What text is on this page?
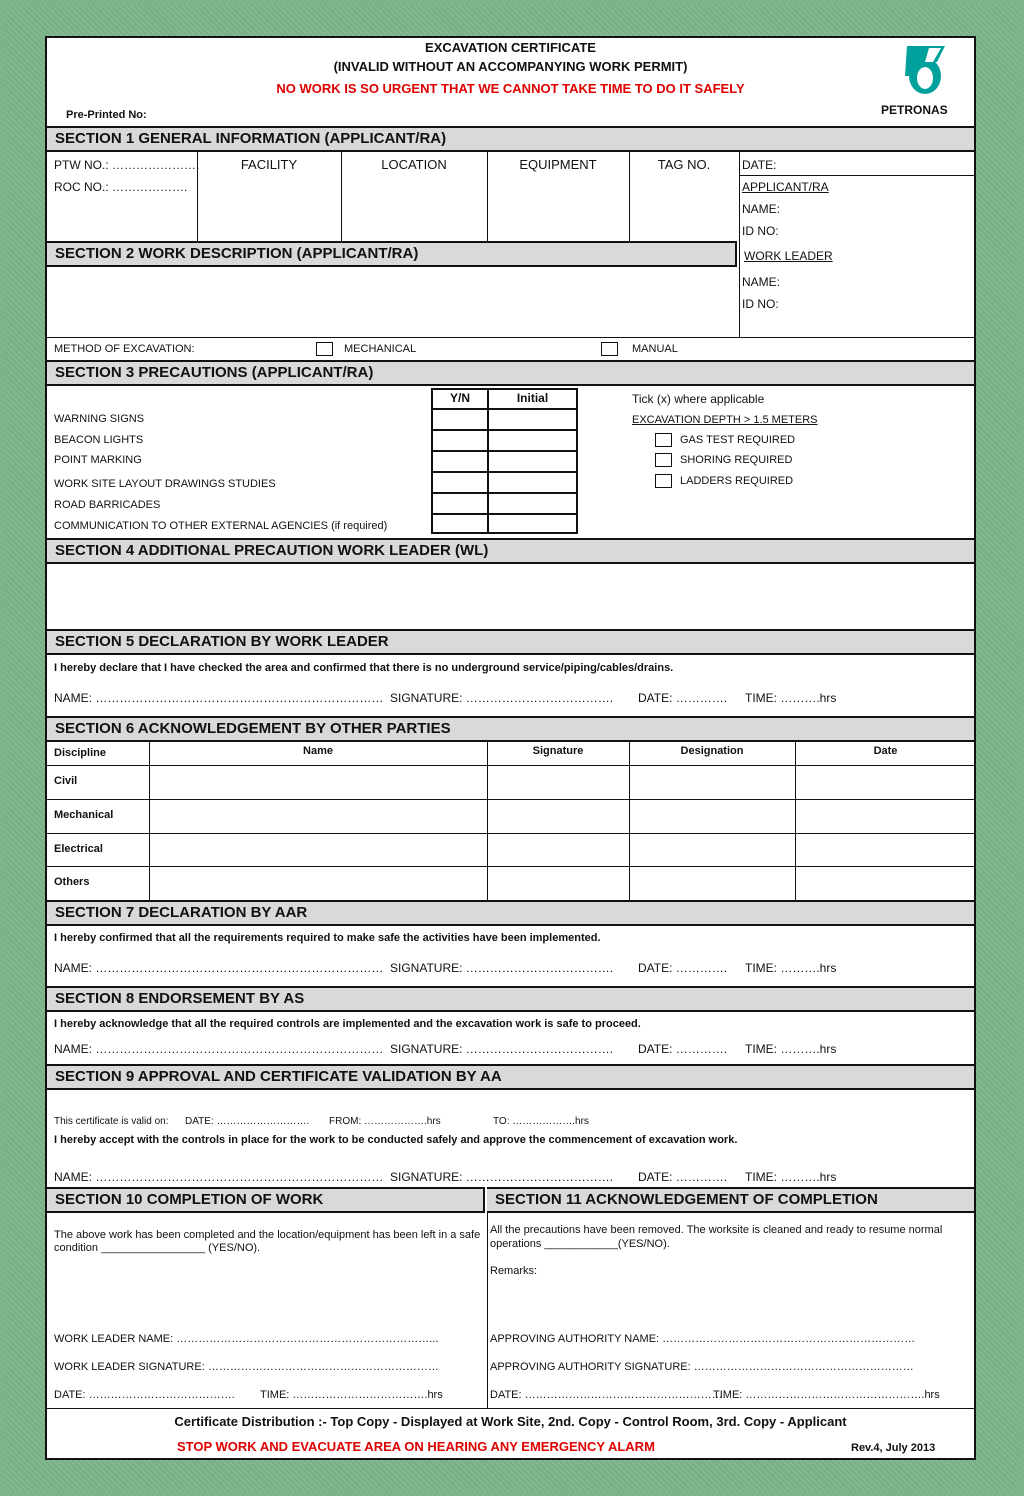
EXCAVATION CERTIFICATE
(INVALID WITHOUT AN ACCOMPANYING WORK PERMIT)
NO WORK IS SO URGENT THAT WE CANNOT TAKE TIME TO DO IT SAFELY
Pre-Printed No:	PETRONAS
SECTION 1 GENERAL INFORMATION (APPLICANT/RA)
PTW NO.: ………………….
ROC NO.: ……………….
FACILITY	LOCATION	EQUIPMENT	TAG NO.	DATE:
APPLICANT/RA
NAME:
ID NO:
WORK LEADER
NAME:
ID NO:
SECTION 2 WORK DESCRIPTION (APPLICANT/RA)
METHOD OF EXCAVATION:	MECHANICAL	MANUAL
SECTION 3 PRECAUTIONS (APPLICANT/RA)
Y/N	Initial
WARNING SIGNS
BEACON LIGHTS
POINT MARKING
WORK SITE LAYOUT DRAWINGS STUDIES
ROAD BARRICADES
COMMUNICATION TO OTHER EXTERNAL AGENCIES (if required)
Tick (x) where applicable
EXCAVATION DEPTH > 1.5 METERS
GAS TEST REQUIRED
SHORING REQUIRED
LADDERS REQUIRED
SECTION 4 ADDITIONAL PRECAUTION WORK LEADER (WL)
SECTION 5 DECLARATION BY WORK LEADER
I hereby declare that I have checked the area and confirmed that there is no underground service/piping/cables/drains.
NAME: ……………………………………………………………… SIGNATURE: ………………………………. DATE: …………. TIME: ……….hrs
SECTION 6 ACKNOWLEDGEMENT BY OTHER PARTIES
Discipline	Name	Signature	Designation	Date
Civil
Mechanical
Electrical
Others
SECTION 7 DECLARATION BY AAR
I hereby confirmed that all the requirements required to make safe the activities have been implemented.
NAME: ……………………………………………………………… SIGNATURE: ………………………………. DATE: …………. TIME: ……….hrs
SECTION 8 ENDORSEMENT BY AS
I hereby acknowledge that all the required controls are implemented and the excavation work is safe to proceed.
NAME: ……………………………………………………………… SIGNATURE: ………………………………. DATE: …………. TIME: ……….hrs
SECTION 9 APPROVAL AND CERTIFICATE VALIDATION BY AA
This certificate is valid on: DATE: ………………………. FROM: ……………….hrs	TO: ……………….hrs
I hereby accept with the controls in place for the work to be conducted safely and approve the commencement of excavation work.
NAME: ……………………………………………………………… SIGNATURE: ………………………………. DATE: …………. TIME: ……….hrs
SECTION 10 COMPLETION OF WORK	SECTION 11 ACKNOWLEDGEMENT OF COMPLETION
The above work has been completed and the location/equipment has been left in a safe
condition _________________ (YES/NO).
WORK LEADER NAME: ……………………………………………………………...
WORK LEADER SIGNATURE: ………………………………………………………
DATE: …………………………………. TIME: ……………………………….hrs
All the precautions have been removed. The worksite is cleaned and ready to resume normal
operations ____________(YES/NO).
Remarks:
APPROVING AUTHORITY NAME: ……………………………………………………………
APPROVING AUTHORITY SIGNATURE: ……………………………………………………
DATE: ……………………………………………….
TIME: ………………………………………….hrs
Certificate Distribution :- Top Copy - Displayed at Work Site, 2nd. Copy - Control Room, 3rd. Copy - Applicant
STOP WORK AND EVACUATE AREA ON HEARING ANY EMERGENCY ALARM	Rev.4, July 2013
